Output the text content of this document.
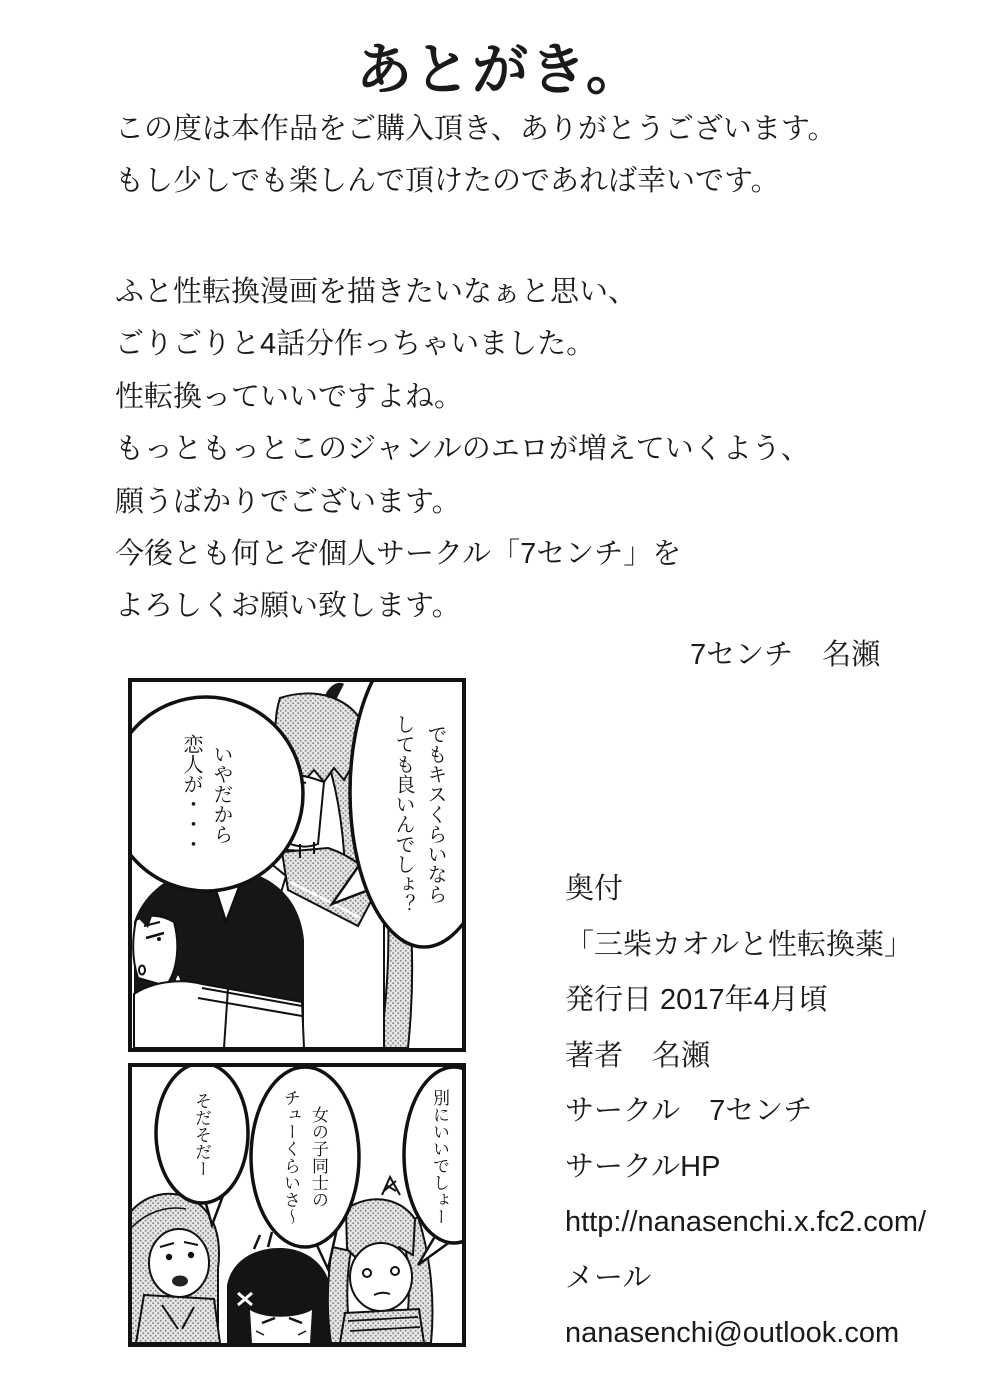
あとがき。
この度は本作品をご購入頂き、ありがとうございます。
もし少しでも楽しんで頂けたのであれば幸いです。
ふと性転換漫画を描きたいなぁと思い、
ごりごりと4話分作っちゃいました。
性転換っていいですよね。
もっともっとこのジャンルのエロが増えていくよう、
願うばかりでございます。
今後とも何とぞ個人サークル「7センチ」を
よろしくお願い致します。
7センチ　名瀬
でもキスくらいなら
しても良いんでしょ？
いやだから
恋人が・・・
別にいいでしょー
女の子同士の
チューくらいさ～
そだそだー
奥付
「三柴カオルと性転換薬」
発行日 2017年4月頃
著者　名瀬
サークル　7センチ
サークルHP
http://nanasenchi.x.fc2.com/
メール
nanasenchi@outlook.com
